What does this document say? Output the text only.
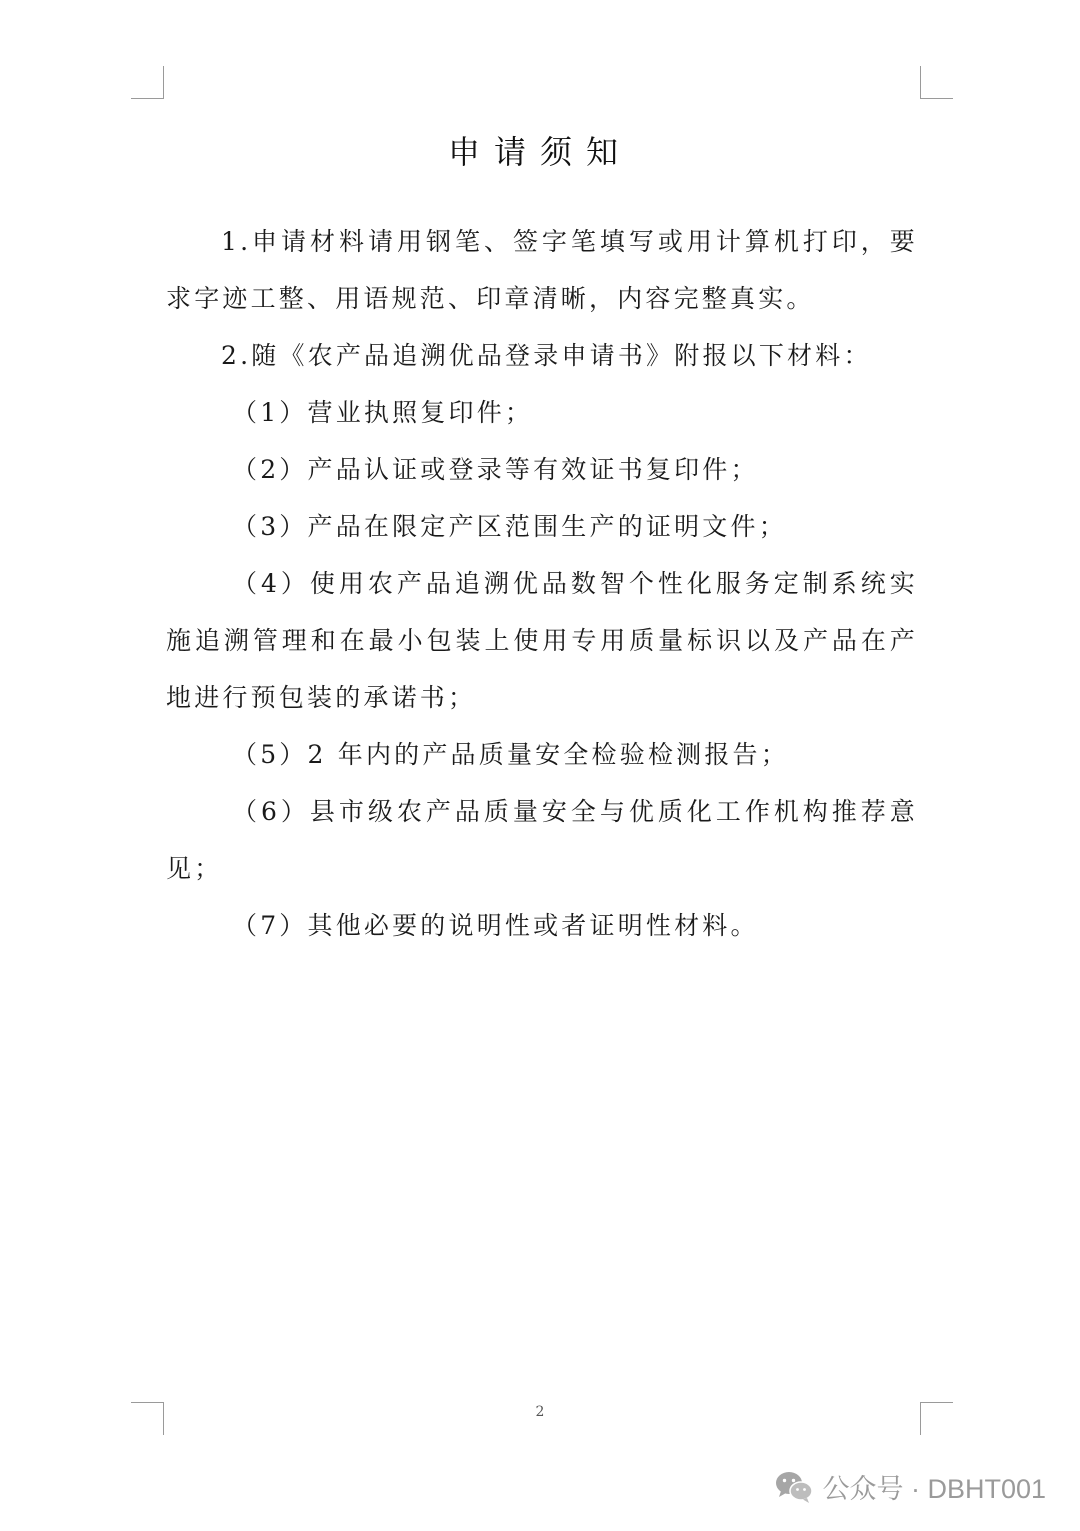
申请须知

1.申请材料请用钢笔、签字笔填写或用计算机打印，要求字迹工整、用语规范、印章清晰，内容完整真实。

2.随《农产品追溯优品登录申请书》附报以下材料：

（1）营业执照复印件；

（2）产品认证或登录等有效证书复印件；

（3）产品在限定产区范围生产的证明文件；

（4）使用农产品追溯优品数智个性化服务定制系统实施追溯管理和在最小包装上使用专用质量标识以及产品在产地进行预包装的承诺书；

（5）2 年内的产品质量安全检验检测报告；

（6）县市级农产品质量安全与优质化工作机构推荐意见；

（7）其他必要的说明性或者证明性材料。

2
公众号 · DBHT001
